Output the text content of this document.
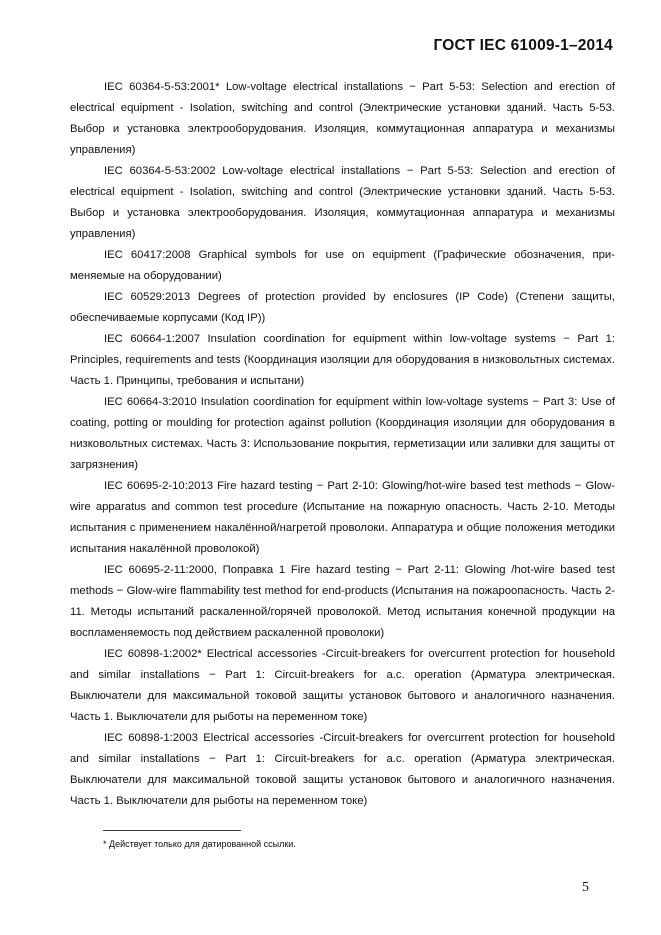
ГОСТ IEC 61009-1–2014

IEC 60364-5-53:2001* Low-voltage electrical installations − Part 5-53: Selection and erection of electrical equipment - Isolation, switching and control (Электрические установки зданий. Часть 5-53. Выбор и установка электрооборудования. Изоляция, коммутационная аппаратура и механизмы управления)

IEC 60364-5-53:2002 Low-voltage electrical installations − Part 5-53: Selection and erection of electrical equipment - Isolation, switching and control (Электрические установки зданий. Часть 5-53. Выбор и установка электрооборудования. Изоляция, коммутационная аппаратура и механизмы управления)

IEC 60417:2008 Graphical symbols for use on equipment (Графические обозначения, применяемые на оборудовании)

IEC 60529:2013 Degrees of protection provided by enclosures (IP Code) (Степени защиты, обеспечиваемые корпусами (Код IP))

IEC 60664-1:2007 Insulation coordination for equipment within low-voltage systems − Part 1: Principles, requirements and tests (Координация изоляции для оборудования в низковольтных системах. Часть 1. Принципы, требования и испытани)

IEC 60664-3:2010 Insulation coordination for equipment within low-voltage systems − Part 3: Use of coating, potting or moulding for protection against pollution (Координация изоляции для оборудования в низковольтных системах. Часть 3: Использование покрытия, герметизации или заливки для защиты от загрязнения)

IEC 60695-2-10:2013 Fire hazard testing − Part 2-10: Glowing/hot-wire based test methods − Glow-wire apparatus and common test procedure (Испытание на пожарную опасность. Часть 2-10. Методы испытания с применением накалённой/нагретой проволоки. Аппаратура и общие положения методики испытания накалённой проволокой)

IEC 60695-2-11:2000, Поправка 1 Fire hazard testing − Part 2-11: Glowing /hot-wire based test methods − Glow-wire flammability test method for end-products (Испытания на пожароопасность. Часть 2-11. Методы испытаний раскаленной/горячей проволокой. Метод испытания конечной продукции на воспламеняемость под действием раскаленной проволоки)

IEC 60898-1:2002* Electrical accessories -Circuit-breakers for overcurrent protection for household and similar installations − Part 1: Circuit-breakers for a.c. operation (Арматура электрическая. Выключатели для максимальной токовой защиты установок бытового и аналогичного назначения. Часть 1. Выключатели для рыботы на переменном токе)

IEC 60898-1:2003 Electrical accessories -Circuit-breakers for overcurrent protection for household and similar installations − Part 1: Circuit-breakers for a.c. operation (Арматура электрическая. Выключатели для максимальной токовой защиты установок бытового и аналогичного назначения. Часть 1. Выключатели для рыботы на переменном токе)

* Действует только для датированной ссылки.
5
